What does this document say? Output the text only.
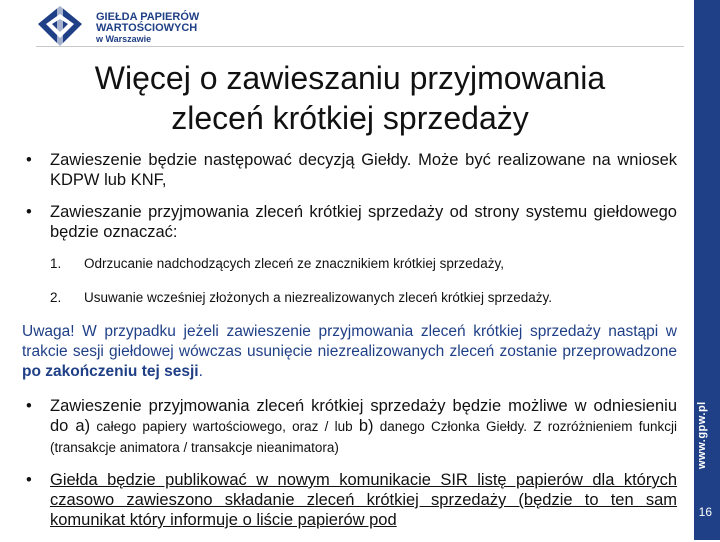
GIEŁDA PAPIERÓW
WARTOŚCIOWYCH
w Warszawie
Więcej o zawieszaniu przyjmowania
zleceń krótkiej sprzedaży
• Zawieszenie będzie następować decyzją Giełdy. Może być realizowane na wniosek KDPW lub KNF,
• Zawieszanie przyjmowania zleceń krótkiej sprzedaży od strony systemu giełdowego będzie oznaczać:
1. Odrzucanie nadchodzących zleceń ze znacznikiem krótkiej sprzedaży,
2. Usuwanie wcześniej złożonych a niezrealizowanych zleceń krótkiej sprzedaży.
Uwaga! W przypadku jeżeli zawieszenie przyjmowania zleceń krótkiej sprzedaży nastąpi w trakcie sesji giełdowej wówczas usunięcie niezrealizowanych zleceń zostanie przeprowadzone po zakończeniu tej sesji.
• Zawieszenie przyjmowania zleceń krótkiej sprzedaży będzie możliwe w odniesieniu do a) całego papiery wartościowego, oraz / lub b) danego Członka Giełdy. Z rozróżnieniem funkcji (transakcje animatora / transakcje nieanimatora)
• Giełda będzie publikować w nowym komunikacie SIR listę papierów dla których czasowo zawieszono składanie zleceń krótkiej sprzedaży (będzie to ten sam komunikat który informuje o liście papierów pod
www.gpw.pl
16
